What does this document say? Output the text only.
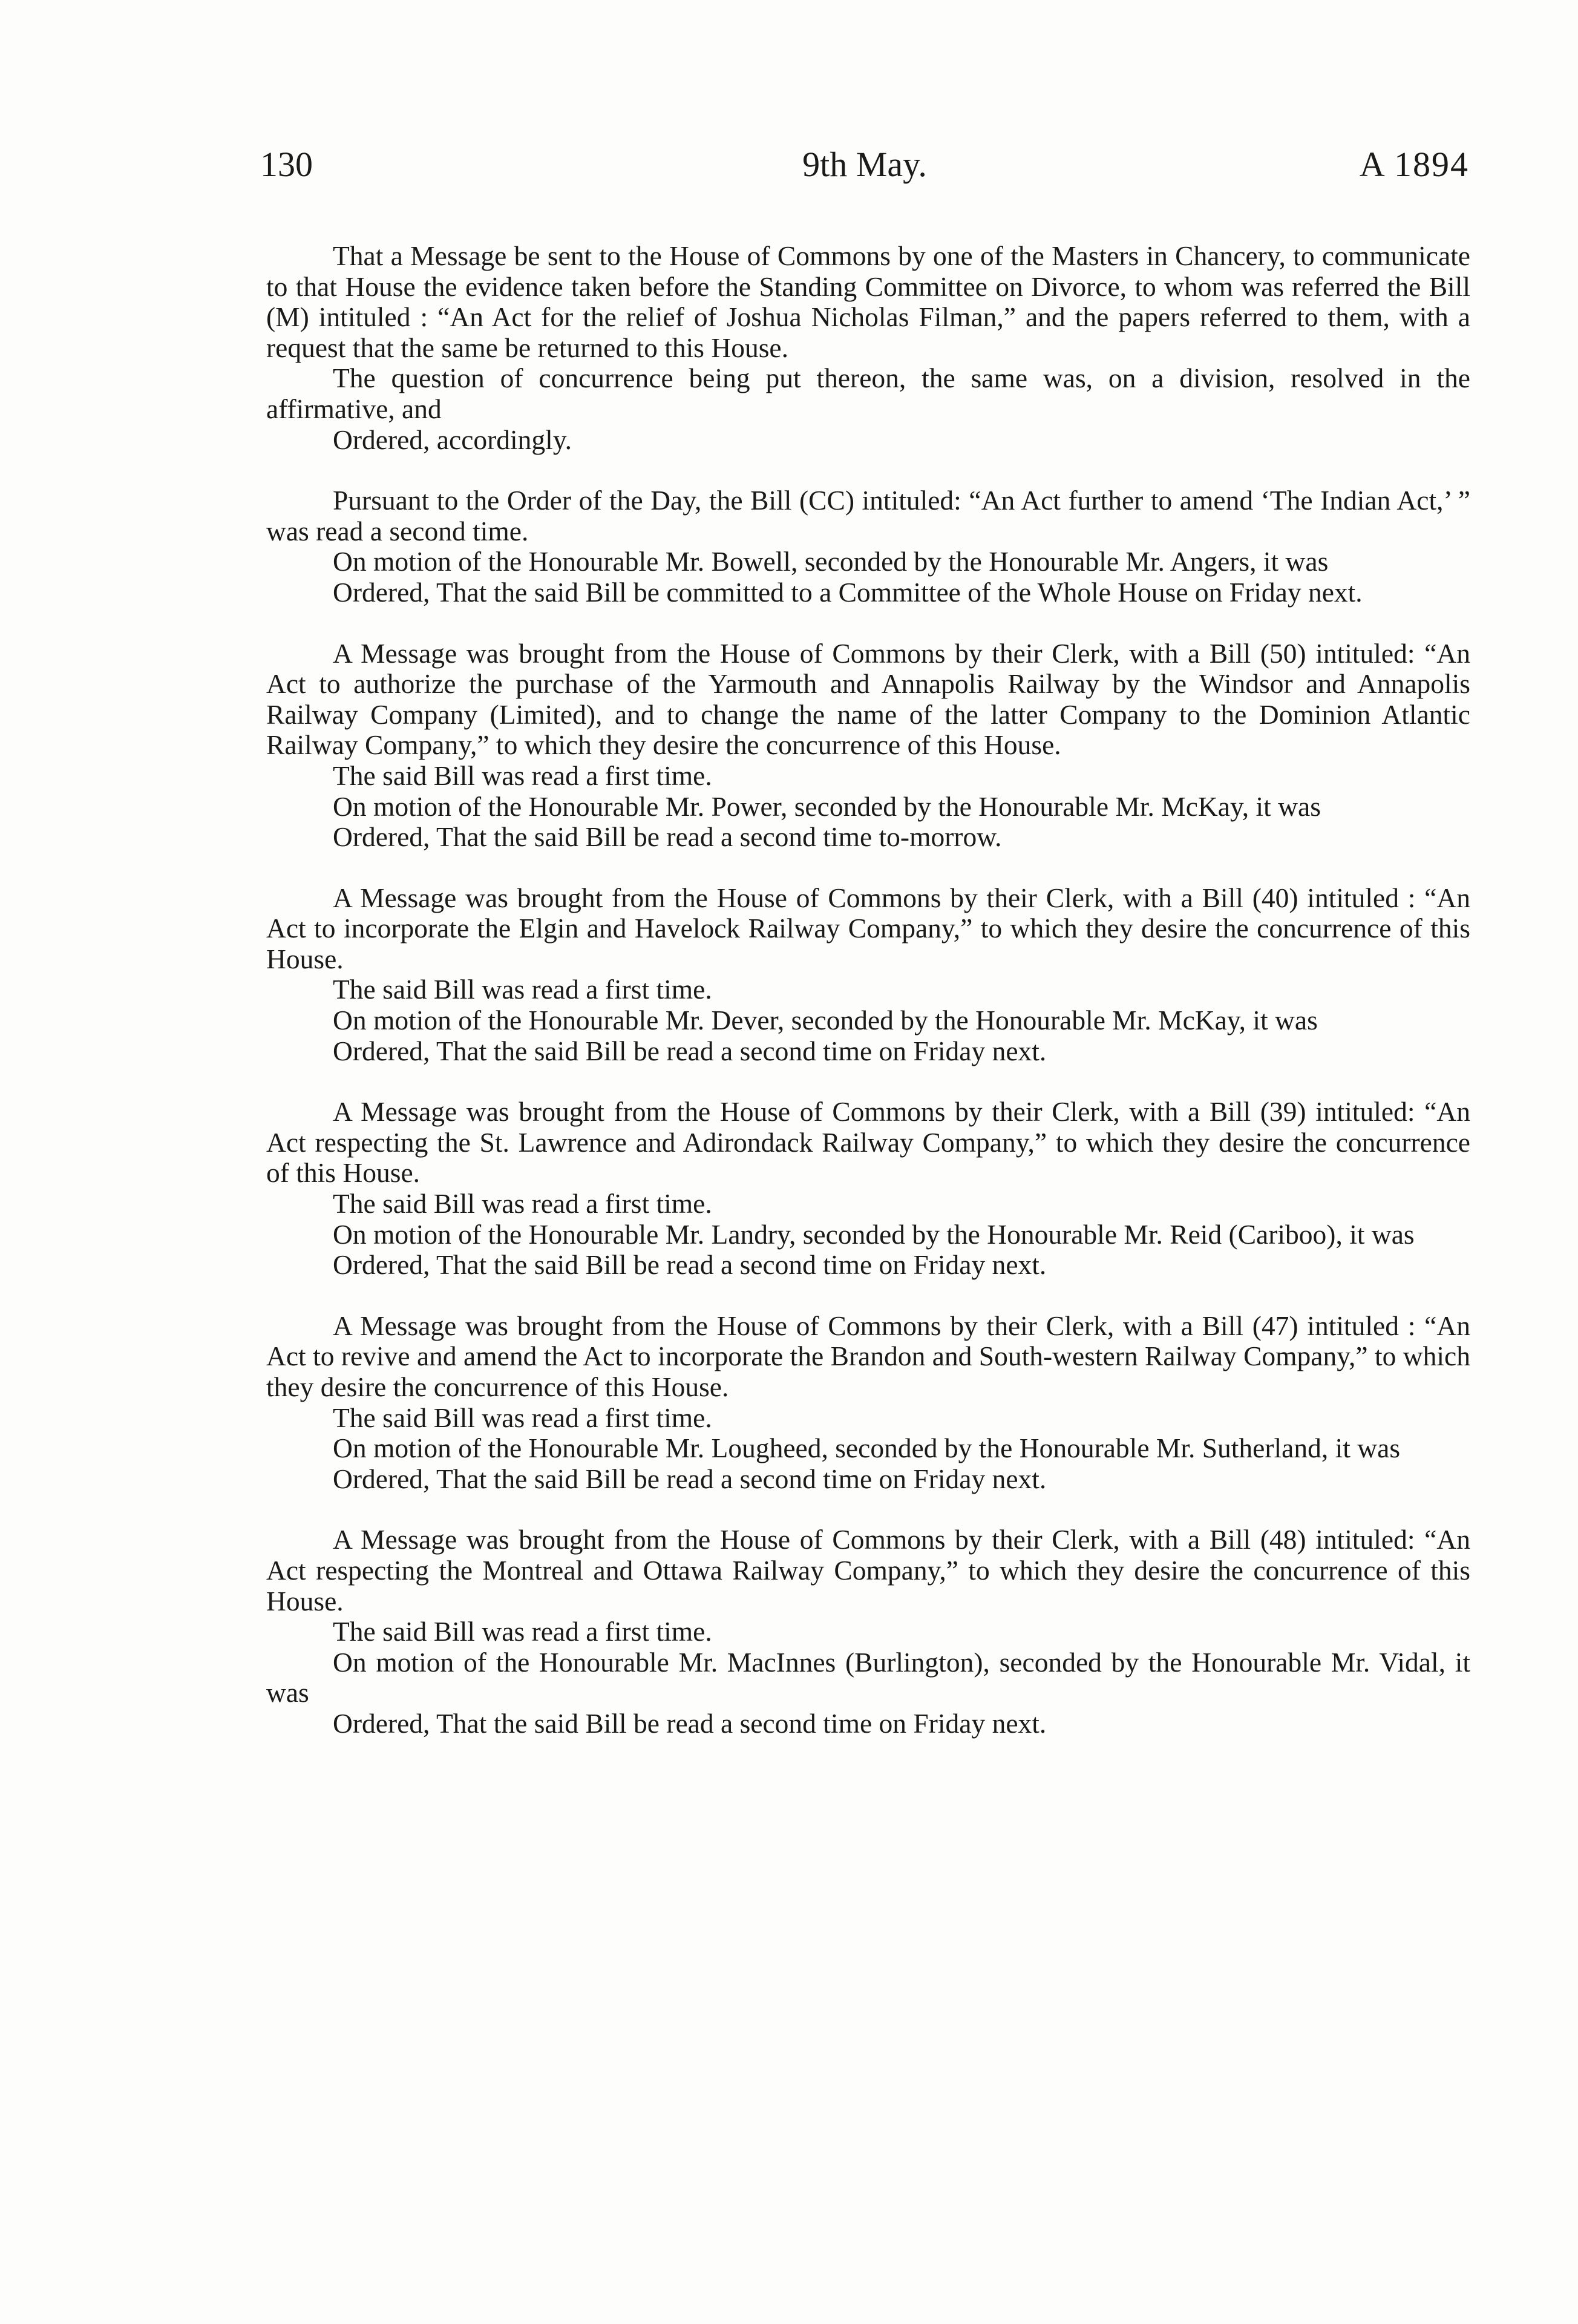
130	9th May.	A 1894

That a Message be sent to the House of Commons by one of the Masters in Chancery, to communicate to that House the evidence taken before the Standing Committee on Divorce, to whom was referred the Bill (M) intituled : “An Act for the relief of Joshua Nicholas Filman,” and the papers referred to them, with a request that the same be returned to this House.

The question of concurrence being put thereon, the same was, on a division, resolved in the affirmative, and

Ordered, accordingly.

Pursuant to the Order of the Day, the Bill (CC) intituled: “An Act further to amend ‘The Indian Act,’ ” was read a second time.

On motion of the Honourable Mr. Bowell, seconded by the Honourable Mr. Angers, it was

Ordered, That the said Bill be committed to a Committee of the Whole House on Friday next.

A Message was brought from the House of Commons by their Clerk, with a Bill (50) intituled: “An Act to authorize the purchase of the Yarmouth and Annapolis Railway by the Windsor and Annapolis Railway Company (Limited), and to change the name of the latter Company to the Dominion Atlantic Railway Company,” to which they desire the concurrence of this House.

The said Bill was read a first time.

On motion of the Honourable Mr. Power, seconded by the Honourable Mr. McKay, it was

Ordered, That the said Bill be read a second time to-morrow.

A Message was brought from the House of Commons by their Clerk, with a Bill (40) intituled : “An Act to incorporate the Elgin and Havelock Railway Company,” to which they desire the concurrence of this House.

The said Bill was read a first time.

On motion of the Honourable Mr. Dever, seconded by the Honourable Mr. McKay, it was

Ordered, That the said Bill be read a second time on Friday next.

A Message was brought from the House of Commons by their Clerk, with a Bill (39) intituled: “An Act respecting the St. Lawrence and Adirondack Railway Company,” to which they desire the concurrence of this House.

The said Bill was read a first time.

On motion of the Honourable Mr. Landry, seconded by the Honourable Mr. Reid (Cariboo), it was

Ordered, That the said Bill be read a second time on Friday next.

A Message was brought from the House of Commons by their Clerk, with a Bill (47) intituled : “An Act to revive and amend the Act to incorporate the Brandon and South-western Railway Company,” to which they desire the concurrence of this House.

The said Bill was read a first time.

On motion of the Honourable Mr. Lougheed, seconded by the Honourable Mr. Sutherland, it was

Ordered, That the said Bill be read a second time on Friday next.

A Message was brought from the House of Commons by their Clerk, with a Bill (48) intituled: “An Act respecting the Montreal and Ottawa Railway Company,” to which they desire the concurrence of this House.

The said Bill was read a first time.

On motion of the Honourable Mr. MacInnes (Burlington), seconded by the Honourable Mr. Vidal, it was

Ordered, That the said Bill be read a second time on Friday next.
